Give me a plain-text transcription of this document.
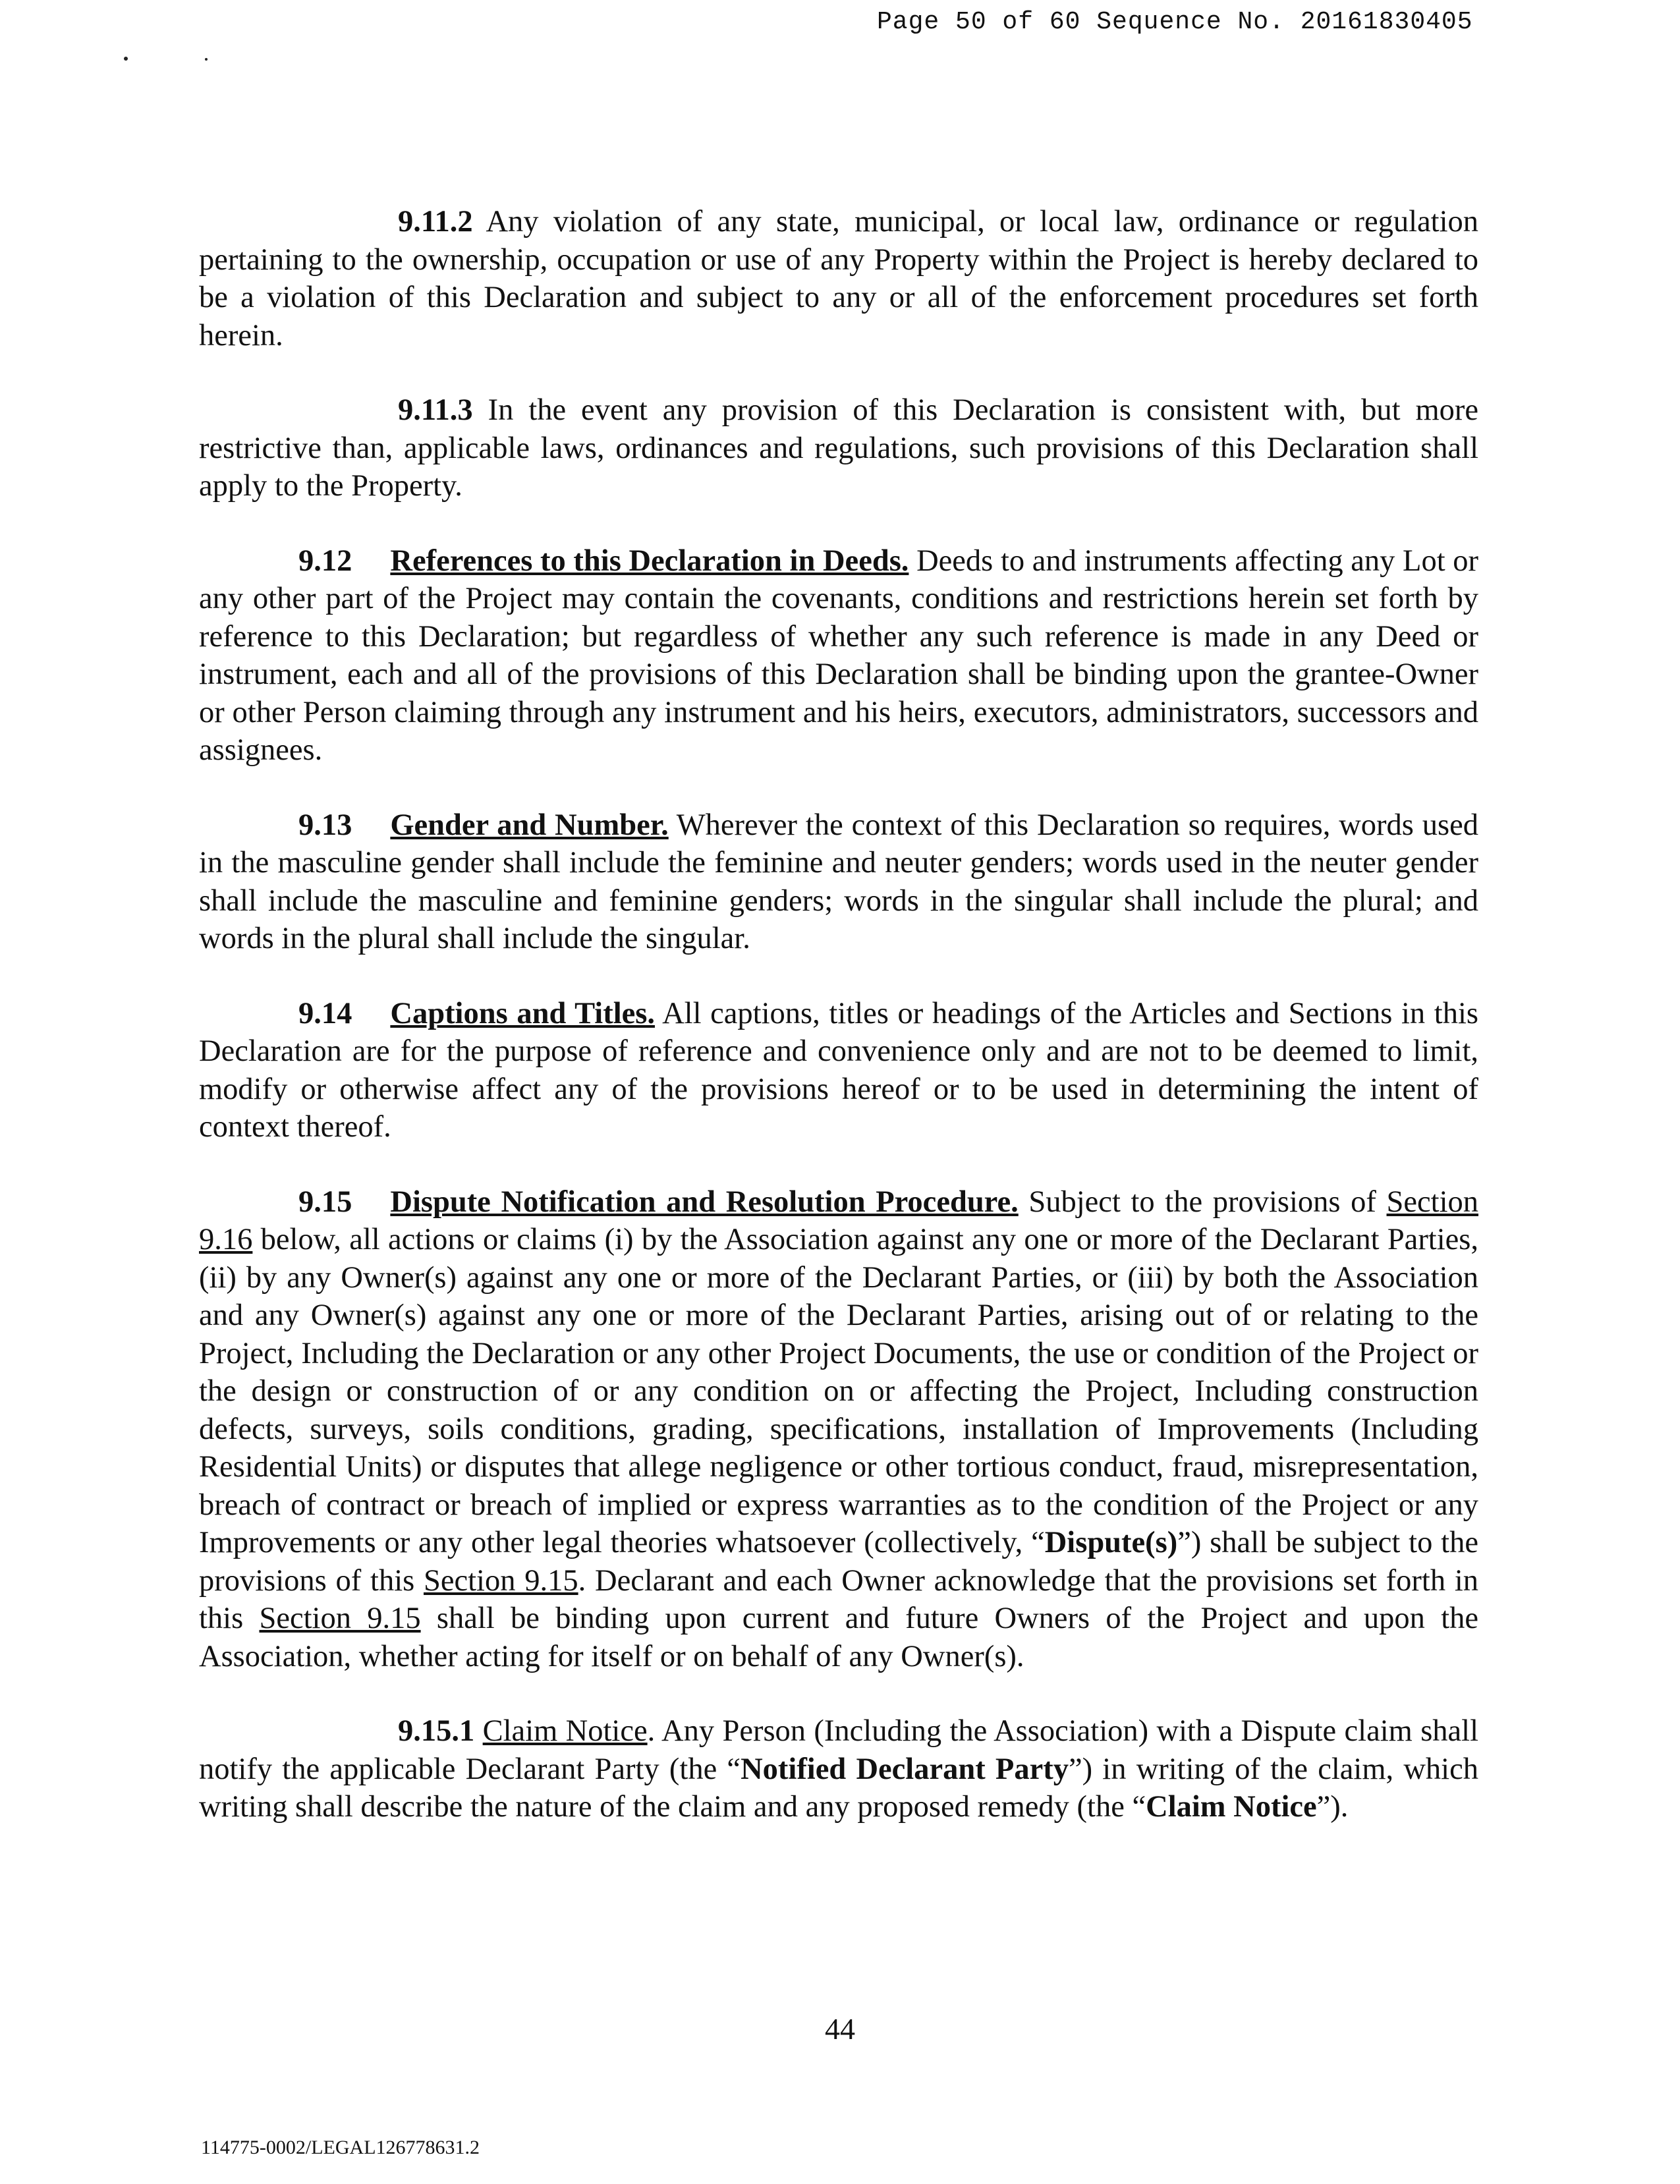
Page 50 of 60 Sequence No. 20161830405

9.11.2 Any violation of any state, municipal, or local law, ordinance or regulation pertaining to the ownership, occupation or use of any Property within the Project is hereby declared to be a violation of this Declaration and subject to any or all of the enforcement procedures set forth herein.

9.11.3 In the event any provision of this Declaration is consistent with, but more restrictive than, applicable laws, ordinances and regulations, such provisions of this Declaration shall apply to the Property.

9.12 References to this Declaration in Deeds. Deeds to and instruments affecting any Lot or any other part of the Project may contain the covenants, conditions and restrictions herein set forth by reference to this Declaration; but regardless of whether any such reference is made in any Deed or instrument, each and all of the provisions of this Declaration shall be binding upon the grantee-Owner or other Person claiming through any instrument and his heirs, executors, administrators, successors and assignees.

9.13 Gender and Number. Wherever the context of this Declaration so requires, words used in the masculine gender shall include the feminine and neuter genders; words used in the neuter gender shall include the masculine and feminine genders; words in the singular shall include the plural; and words in the plural shall include the singular.

9.14 Captions and Titles. All captions, titles or headings of the Articles and Sections in this Declaration are for the purpose of reference and convenience only and are not to be deemed to limit, modify or otherwise affect any of the provisions hereof or to be used in determining the intent of context thereof.

9.15 Dispute Notification and Resolution Procedure. Subject to the provisions of Section 9.16 below, all actions or claims (i) by the Association against any one or more of the Declarant Parties, (ii) by any Owner(s) against any one or more of the Declarant Parties, or (iii) by both the Association and any Owner(s) against any one or more of the Declarant Parties, arising out of or relating to the Project, Including the Declaration or any other Project Documents, the use or condition of the Project or the design or construction of or any condition on or affecting the Project, Including construction defects, surveys, soils conditions, grading, specifications, installation of Improvements (Including Residential Units) or disputes that allege negligence or other tortious conduct, fraud, misrepresentation, breach of contract or breach of implied or express warranties as to the condition of the Project or any Improvements or any other legal theories whatsoever (collectively, “Dispute(s)”) shall be subject to the provisions of this Section 9.15. Declarant and each Owner acknowledge that the provisions set forth in this Section 9.15 shall be binding upon current and future Owners of the Project and upon the Association, whether acting for itself or on behalf of any Owner(s).

9.15.1 Claim Notice. Any Person (Including the Association) with a Dispute claim shall notify the applicable Declarant Party (the “Notified Declarant Party”) in writing of the claim, which writing shall describe the nature of the claim and any proposed remedy (the “Claim Notice”).

44
114775-0002/LEGAL126778631.2
